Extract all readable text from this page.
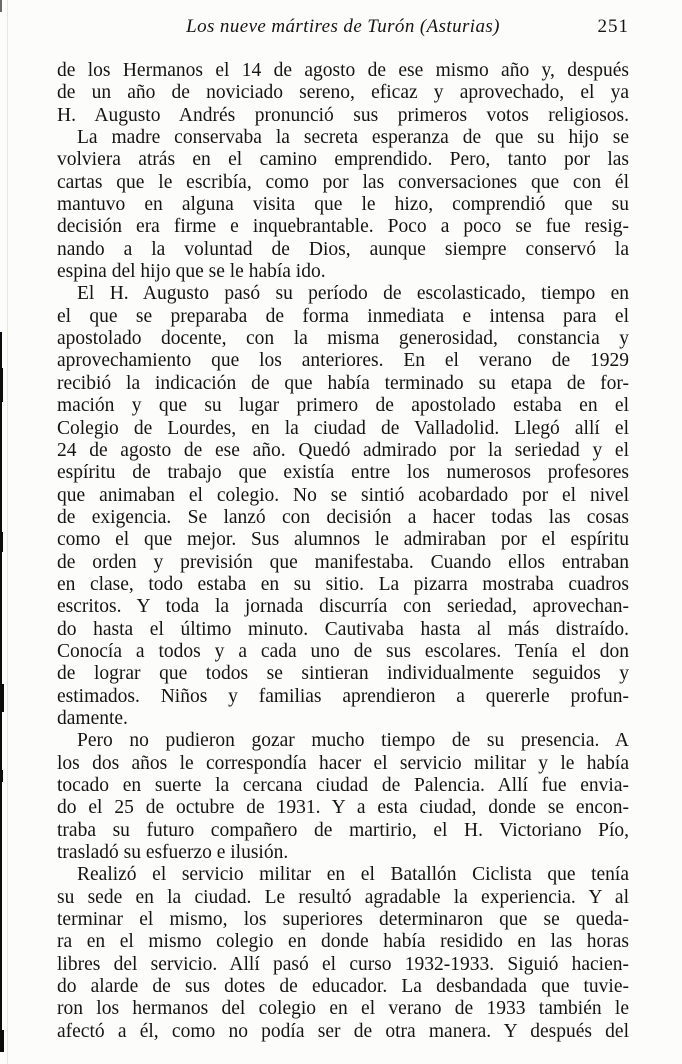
Los nueve mártires de Turón (Asturias)	251
de los Hermanos el 14 de agosto de ese mismo año y, después
de un año de noviciado sereno, eficaz y aprovechado, el ya
H. Augusto Andrés pronunció sus primeros votos religiosos.
La madre conservaba la secreta esperanza de que su hijo se
volviera atrás en el camino emprendido. Pero, tanto por las
cartas que le escribía, como por las conversaciones que con él
mantuvo en alguna visita que le hizo, comprendió que su
decisión era firme e inquebrantable. Poco a poco se fue resig-
nando a la voluntad de Dios, aunque siempre conservó la
espina del hijo que se le había ido.
El H. Augusto pasó su período de escolasticado, tiempo en
el que se preparaba de forma inmediata e intensa para el
apostolado docente, con la misma generosidad, constancia y
aprovechamiento que los anteriores. En el verano de 1929
recibió la indicación de que había terminado su etapa de for-
mación y que su lugar primero de apostolado estaba en el
Colegio de Lourdes, en la ciudad de Valladolid. Llegó allí el
24 de agosto de ese año. Quedó admirado por la seriedad y el
espíritu de trabajo que existía entre los numerosos profesores
que animaban el colegio. No se sintió acobardado por el nivel
de exigencia. Se lanzó con decisión a hacer todas las cosas
como el que mejor. Sus alumnos le admiraban por el espíritu
de orden y previsión que manifestaba. Cuando ellos entraban
en clase, todo estaba en su sitio. La pizarra mostraba cuadros
escritos. Y toda la jornada discurría con seriedad, aprovechan-
do hasta el último minuto. Cautivaba hasta al más distraído.
Conocía a todos y a cada uno de sus escolares. Tenía el don
de lograr que todos se sintieran individualmente seguidos y
estimados. Niños y familias aprendieron a quererle profun-
damente.
Pero no pudieron gozar mucho tiempo de su presencia. A
los dos años le correspondía hacer el servicio militar y le había
tocado en suerte la cercana ciudad de Palencia. Allí fue envia-
do el 25 de octubre de 1931. Y a esta ciudad, donde se encon-
traba su futuro compañero de martirio, el H. Victoriano Pío,
trasladó su esfuerzo e ilusión.
Realizó el servicio militar en el Batallón Ciclista que tenía
su sede en la ciudad. Le resultó agradable la experiencia. Y al
terminar el mismo, los superiores determinaron que se queda-
ra en el mismo colegio en donde había residido en las horas
libres del servicio. Allí pasó el curso 1932-1933. Siguió hacien-
do alarde de sus dotes de educador. La desbandada que tuvie-
ron los hermanos del colegio en el verano de 1933 también le
afectó a él, como no podía ser de otra manera. Y después del
